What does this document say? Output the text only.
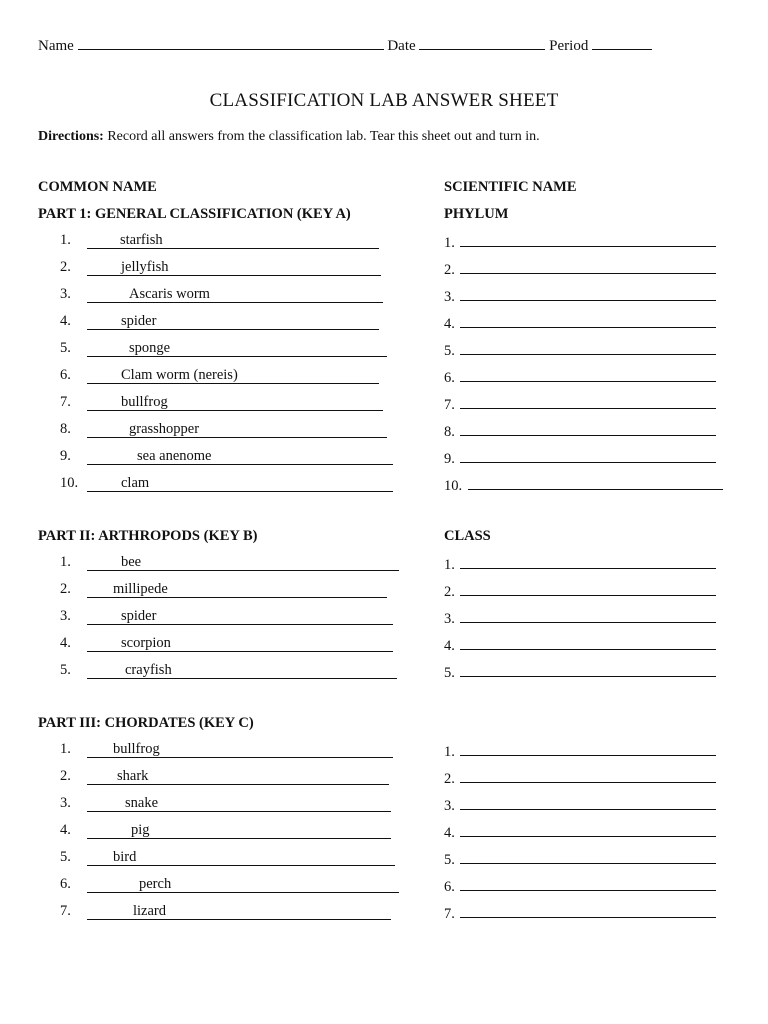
Name	Date	Period
CLASSIFICATION LAB ANSWER SHEET
Directions: Record all answers from the classification lab. Tear this sheet out and turn in.
COMMON NAME	SCIENTIFIC NAME
PART 1: GENERAL CLASSIFICATION (KEY A)	PHYLUM
1.	starfish	1.
2.	jellyfish	2.
3.	Ascaris worm	3.
4.	spider	4.
5.	sponge	5.
6.	Clam worm (nereis)	6.
7.	bullfrog	7.
8.	grasshopper	8.
9.	sea anenome	9.
10.	clam	10.
PART II: ARTHROPODS (KEY B)	CLASS
1.	bee	1.
2.	millipede	2.
3.	spider	3.
4.	scorpion	4.
5.	crayfish	5.
PART III: CHORDATES (KEY C)
1.	bullfrog	1.
2.	shark	2.
3.	snake	3.
4.	pig	4.
5.	bird	5.
6.	perch	6.
7.	lizard	7.
